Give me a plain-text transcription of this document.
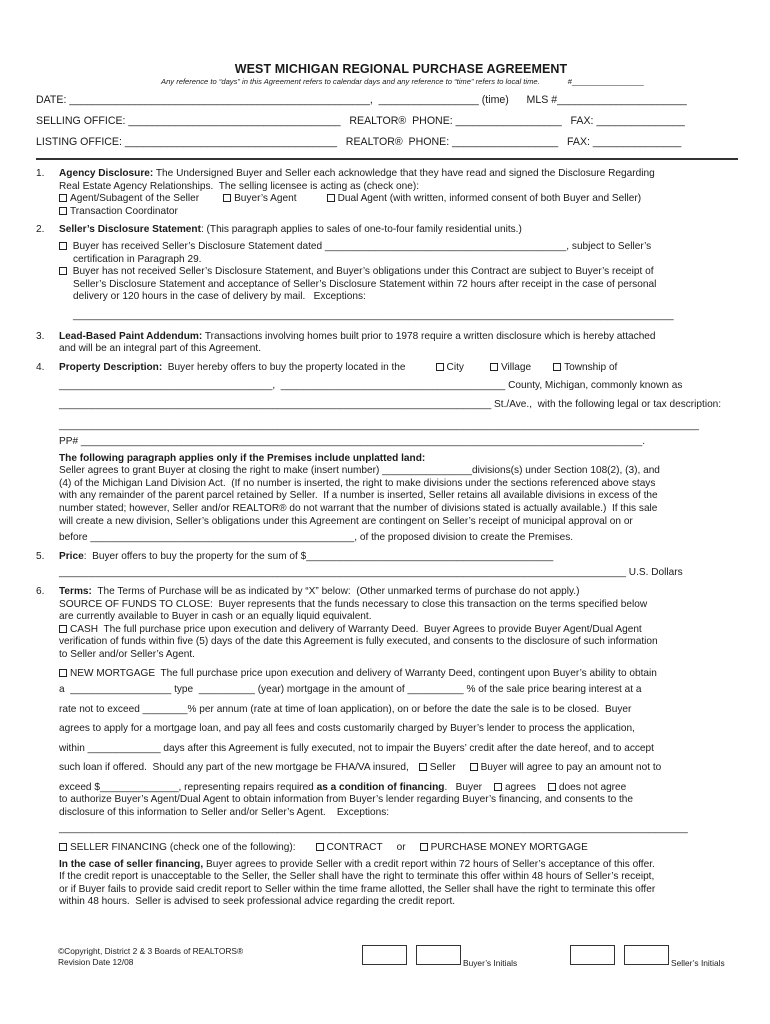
WEST MICHIGAN REGIONAL PURCHASE AGREEMENT
Any reference to “days” in this Agreement refers to calendar days and any reference to “time” refers to local time.	#_________________
DATE: ___________________________________________________,  _________________ (time)      MLS #______________________
SELLING OFFICE: ____________________________________   REALTOR®  PHONE: __________________   FAX: _______________
LISTING OFFICE: ____________________________________   REALTOR®  PHONE: __________________   FAX: _______________
1.	Agency Disclosure: The Undersigned Buyer and Seller each acknowledge that they have read and signed the Disclosure Regarding
Real Estate Agency Relationships.  The selling licensee is acting as (check one):
Agent/Subagent of the Seller	Buyer’s Agent	Dual Agent (with written, informed consent of both Buyer and Seller)
Transaction Coordinator
2.	Seller’s Disclosure Statement: (This paragraph applies to sales of one-to-four family residential units.)
Buyer has received Seller’s Disclosure Statement dated ___________________________________________, subject to Seller’s
certification in Paragraph 29.
Buyer has not received Seller’s Disclosure Statement, and Buyer’s obligations under this Contract are subject to Buyer’s receipt of
Seller’s Disclosure Statement and acceptance of Seller’s Disclosure Statement within 72 hours after receipt in the case of personal
delivery or 120 hours in the case of delivery by mail.   Exceptions:
___________________________________________________________________________________________________________
3.	Lead-Based Paint Addendum: Transactions involving homes built prior to 1978 require a written disclosure which is hereby attached
and will be an integral part of this Agreement.
4.	Property Description:  Buyer hereby offers to buy the property located in the	City	Village	Township of
______________________________________,  ________________________________________ County, Michigan, commonly known as
_____________________________________________________________________________ St./Ave.,  with the following legal or tax description:
__________________________________________________________________________________________________________________
PP# ____________________________________________________________________________________________________.
The following paragraph applies only if the Premises include unplatted land:
Seller agrees to grant Buyer at closing the right to make (insert number) ________________divisions(s) under Section 108(2), (3), and
(4) of the Michigan Land Division Act.  (If no number is inserted, the right to make divisions under the sections referenced above stays
with any remainder of the parent parcel retained by Seller.  If a number is inserted, Seller retains all available divisions in excess of the
number stated; however, Seller and/or REALTOR® do not warrant that the number of divisions stated is actually available.)  If this sale
will create a new division, Seller’s obligations under this Agreement are contingent on Seller’s receipt of municipal approval on or
before _______________________________________________, of the proposed division to create the Premises.
5.	Price:  Buyer offers to buy the property for the sum of $____________________________________________
_____________________________________________________________________________________________________ U.S. Dollars
6.	Terms:  The Terms of Purchase will be as indicated by “X” below:  (Other unmarked terms of purchase do not apply.)
SOURCE OF FUNDS TO CLOSE:  Buyer represents that the funds necessary to close this transaction on the terms specified below
are currently available to Buyer in cash or an equally liquid equivalent.
CASH  The full purchase price upon execution and delivery of Warranty Deed.  Buyer Agrees to provide Buyer Agent/Dual Agent
verification of funds within five (5) days of the date this Agreement is fully executed, and consents to the disclosure of such information
to Seller and/or Seller’s Agent.
NEW MORTGAGE  The full purchase price upon execution and delivery of Warranty Deed, contingent upon Buyer’s ability to obtain
a  __________________ type  __________ (year) mortgage in the amount of __________ % of the sale price bearing interest at a
rate not to exceed ________% per annum (rate at time of loan application), on or before the date the sale is to be closed.  Buyer
agrees to apply for a mortgage loan, and pay all fees and costs customarily charged by Buyer’s lender to process the application,
within _____________ days after this Agreement is fully executed, not to impair the Buyers’ credit after the date hereof, and to accept
such loan if offered.  Should any part of the new mortgage be FHA/VA insured, Seller Buyer will agree to pay an amount not to
exceed $______________, representing repairs required as a condition of financing.   Buyer agrees does not agree
to authorize Buyer’s Agent/Dual Agent to obtain information from Buyer’s lender regarding Buyer’s financing, and consents to the
disclosure of this information to Seller and/or Seller’s Agent.    Exceptions:
________________________________________________________________________________________________________________
SELLER FINANCING (check one of the following):	CONTRACT or PURCHASE MONEY MORTGAGE
In the case of seller financing, Buyer agrees to provide Seller with a credit report within 72 hours of Seller’s acceptance of this offer.
If the credit report is unacceptable to the Seller, the Seller shall have the right to terminate this offer within 48 hours of Seller’s receipt,
or if Buyer fails to provide said credit report to Seller within the time frame allotted, the Seller shall have the right to terminate this offer
within 48 hours.  Seller is advised to seek professional advice regarding the credit report.
©Copyright, District 2 & 3 Boards of REALTORS®
Revision Date 12/08	Buyer’s Initials	Seller’s Initials
